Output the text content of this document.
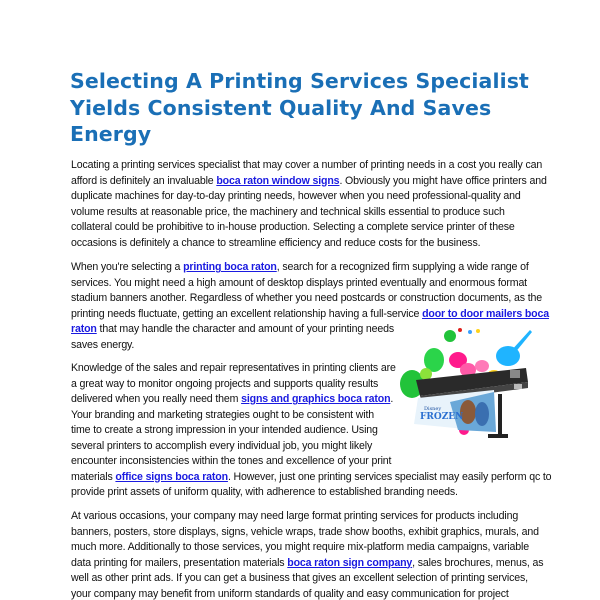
Selecting A Printing Services Specialist
Yields Consistent Quality And Saves
Energy
Locating a printing services specialist that may cover a number of printing needs in a cost you really can
afford is definitely an invaluable boca raton window signs. Obviously you might have office printers and
duplicate machines for day-to-day printing needs, however when you need professional-quality and
volume results at reasonable price, the machinery and technical skills essential to produce such
collateral could be prohibitive to in-house production. Selecting a complete service printer of these
occasions is definitely a chance to streamline efficiency and reduce costs for the business.
When you're selecting a printing boca raton, search for a recognized firm supplying a wide range of
services. You might need a high amount of desktop displays printed eventually and enormous format
stadium banners another. Regardless of whether you need postcards or construction documents, as the
printing needs fluctuate, getting an excellent relationship having a full-service door to door mailers boca
raton that may handle the character and amount of your printing needs
saves energy.
Knowledge of the sales and repair representatives in printing clients are
a great way to monitor ongoing projects and supports quality results
delivered when you really need them signs and graphics boca raton.
Your branding and marketing strategies ought to be consistent with
time to create a strong impression in your intended audience. Using
several printers to accomplish every individual job, you might likely
encounter inconsistencies within the tones and excellence of your print
materials office signs boca raton. However, just one printing services specialist may easily perform qc to
provide print assets of uniform quality, with adherence to established branding needs.
At various occasions, your company may need large format printing services for products including
banners, posters, store displays, signs, vehicle wraps, trade show booths, exhibit graphics, murals, and
much more. Additionally to those services, you might require mix-platform media campaigns, variable
data printing for mailers, presentation materials boca raton sign company, sales brochures, menus, as
well as other print ads. If you can get a business that gives an excellent selection of printing services,
your company may benefit from uniform standards of quality and easy communication for project
Disney
FROZEN
